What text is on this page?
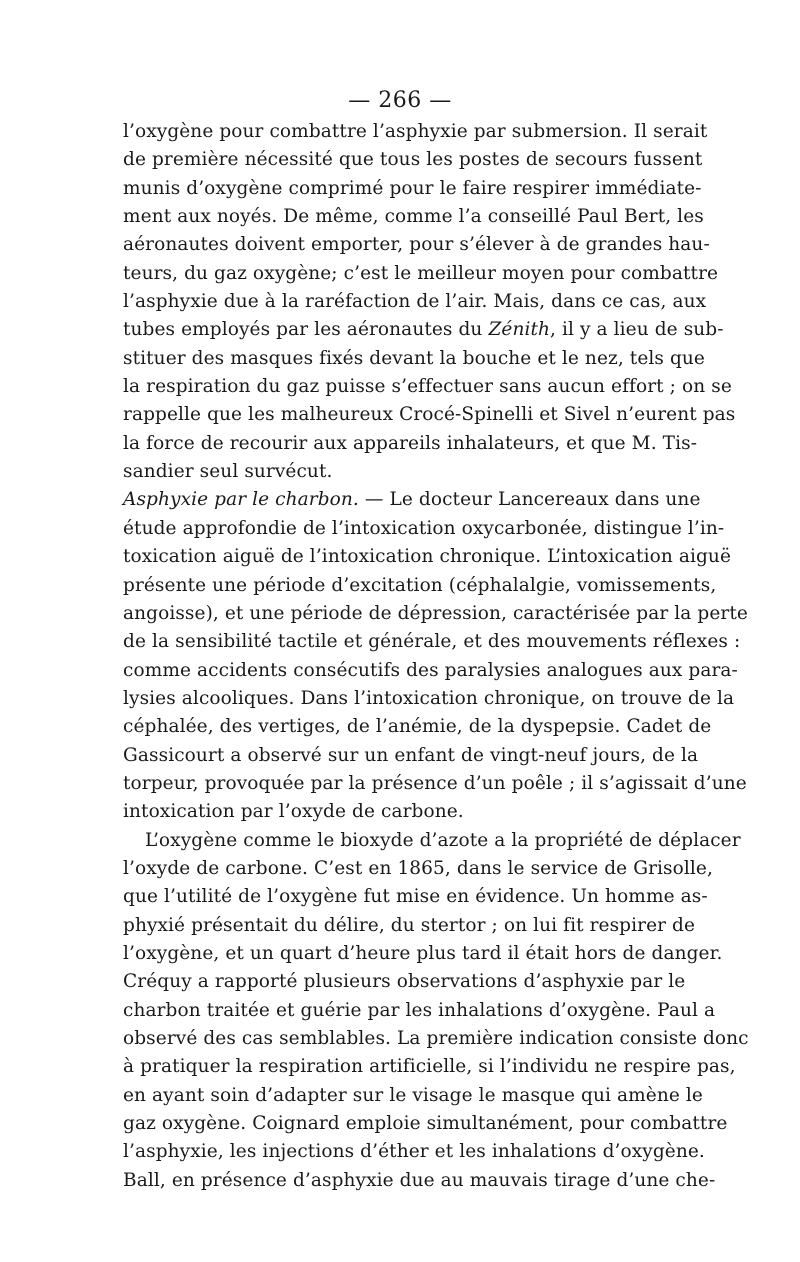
— 266 —
l’oxygène pour combattre l’asphyxie par submersion. Il serait
de première nécessité que tous les postes de secours fussent
munis d’oxygène comprimé pour le faire respirer immédiate-
ment aux noyés. De même, comme l’a conseillé Paul Bert, les
aéronautes doivent emporter, pour s’élever à de grandes hau-
teurs, du gaz oxygène; c’est le meilleur moyen pour combattre
l’asphyxie due à la raréfaction de l’air. Mais, dans ce cas, aux
tubes employés par les aéronautes du Zénith, il y a lieu de sub-
stituer des masques fixés devant la bouche et le nez, tels que
la respiration du gaz puisse s’effectuer sans aucun effort ; on se
rappelle que les malheureux Crocé-Spinelli et Sivel n’eurent pas
la force de recourir aux appareils inhalateurs, et que M. Tis-
sandier seul survécut.
Asphyxie par le charbon. — Le docteur Lancereaux dans une
étude approfondie de l’intoxication oxycarbonée, distingue l’in-
toxication aiguë de l’intoxication chronique. L’intoxication aiguë
présente une période d’excitation (céphalalgie, vomissements,
angoisse), et une période de dépression, caractérisée par la perte
de la sensibilité tactile et générale, et des mouvements réflexes :
comme accidents consécutifs des paralysies analogues aux para-
lysies alcooliques. Dans l’intoxication chronique, on trouve de la
céphalée, des vertiges, de l’anémie, de la dyspepsie. Cadet de
Gassicourt a observé sur un enfant de vingt-neuf jours, de la
torpeur, provoquée par la présence d’un poêle ; il s’agissait d’une
intoxication par l’oxyde de carbone.
L’oxygène comme le bioxyde d’azote a la propriété de déplacer
l’oxyde de carbone. C’est en 1865, dans le service de Grisolle,
que l’utilité de l’oxygène fut mise en évidence. Un homme as-
phyxié présentait du délire, du stertor ; on lui fit respirer de
l’oxygène, et un quart d’heure plus tard il était hors de danger.
Créquy a rapporté plusieurs observations d’asphyxie par le
charbon traitée et guérie par les inhalations d’oxygène. Paul a
observé des cas semblables. La première indication consiste donc
à pratiquer la respiration artificielle, si l’individu ne respire pas,
en ayant soin d’adapter sur le visage le masque qui amène le
gaz oxygène. Coignard emploie simultanément, pour combattre
l’asphyxie, les injections d’éther et les inhalations d’oxygène.
Ball, en présence d’asphyxie due au mauvais tirage d’une che-
